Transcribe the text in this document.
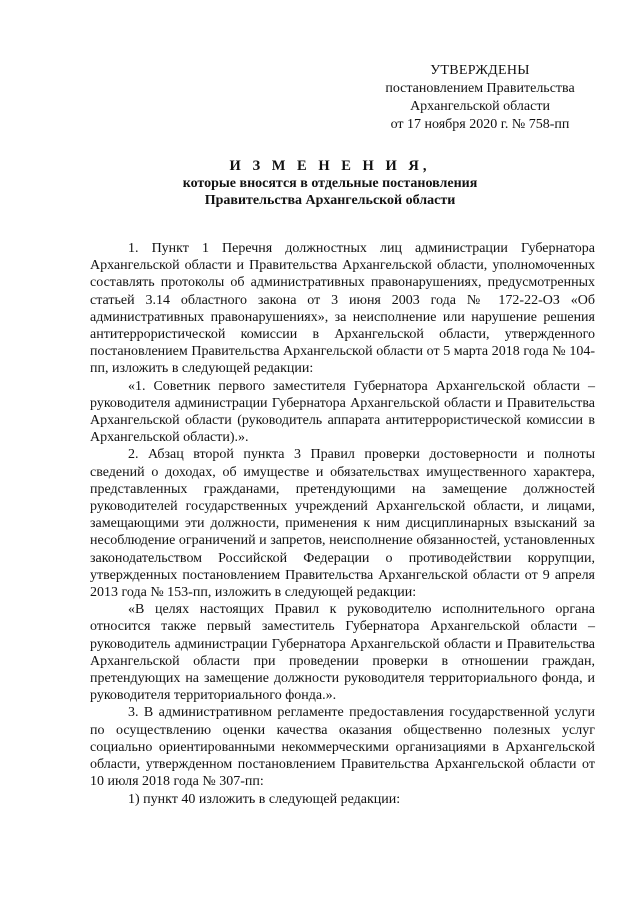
УТВЕРЖДЕНЫ
постановлением Правительства
Архангельской области
от 17 ноября 2020 г. № 758-пп
И З М Е Н Е Н И Я,
которые вносятся в отдельные постановления
Правительства Архангельской области

1. Пункт 1 Перечня должностных лиц администрации Губернатора Архангельской области и Правительства Архангельской области, уполномоченных составлять протоколы об административных правонарушениях, предусмотренных статьей 3.14 областного закона от 3 июня 2003 года № 172-22-ОЗ «Об административных правонарушениях», за неисполнение или нарушение решения антитеррористической комиссии в Архангельской области, утвержденного постановлением Правительства Архангельской области от 5 марта 2018 года № 104-пп, изложить в следующей редакции:

«1. Советник первого заместителя Губернатора Архангельской области – руководителя администрации Губернатора Архангельской области и Правительства Архангельской области (руководитель аппарата антитеррористической комиссии в Архангельской области).».

2. Абзац второй пункта 3 Правил проверки достоверности и полноты сведений о доходах, об имуществе и обязательствах имущественного характера, представленных гражданами, претендующими на замещение должностей руководителей государственных учреждений Архангельской области, и лицами, замещающими эти должности, применения к ним дисциплинарных взысканий за несоблюдение ограничений и запретов, неисполнение обязанностей, установленных законодательством Российской Федерации о противодействии коррупции, утвержденных постановлением Правительства Архангельской области от 9 апреля 2013 года № 153-пп, изложить в следующей редакции:

«В целях настоящих Правил к руководителю исполнительного органа относится также первый заместитель Губернатора Архангельской области – руководитель администрации Губернатора Архангельской области и Правительства Архангельской области при проведении проверки в отношении граждан, претендующих на замещение должности руководителя территориального фонда, и руководителя территориального фонда.».

3. В административном регламенте предоставления государственной услуги по осуществлению оценки качества оказания общественно полезных услуг социально ориентированными некоммерческими организациями в Архангельской области, утвержденном постановлением Правительства Архангельской области от 10 июля 2018 года № 307-пп:

1) пункт 40 изложить в следующей редакции:
